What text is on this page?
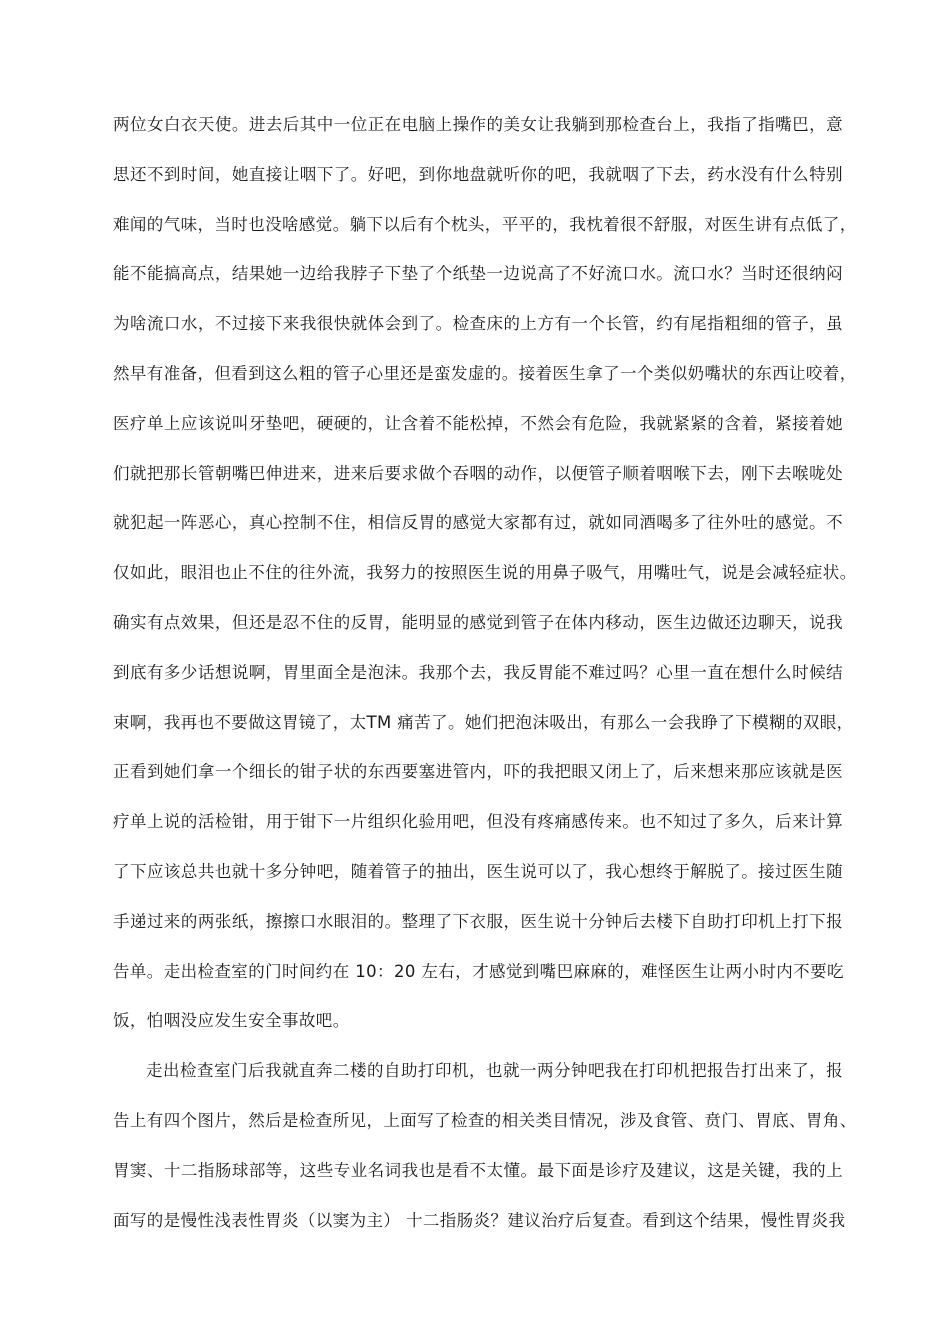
两位女白衣天使。进去后其中一位正在电脑上操作的美女让我躺到那检查台上，我指了指嘴巴，意
思还不到时间，她直接让咽下了。好吧，到你地盘就听你的吧，我就咽了下去，药水没有什么特别
难闻的气味，当时也没啥感觉。躺下以后有个枕头，平平的，我枕着很不舒服，对医生讲有点低了，
能不能搞高点，结果她一边给我脖子下垫了个纸垫一边说高了不好流口水。流口水？当时还很纳闷
为啥流口水，不过接下来我很快就体会到了。检查床的上方有一个长管，约有尾指粗细的管子，虽
然早有准备，但看到这么粗的管子心里还是蛮发虚的。接着医生拿了一个类似奶嘴状的东西让咬着，
医疗单上应该说叫牙垫吧，硬硬的，让含着不能松掉，不然会有危险，我就紧紧的含着，紧接着她
们就把那长管朝嘴巴伸进来，进来后要求做个吞咽的动作，以便管子顺着咽喉下去，刚下去喉咙处
就犯起一阵恶心，真心控制不住，相信反胃的感觉大家都有过，就如同酒喝多了往外吐的感觉。不
仅如此，眼泪也止不住的往外流，我努力的按照医生说的用鼻子吸气，用嘴吐气，说是会减轻症状。
确实有点效果，但还是忍不住的反胃，能明显的感觉到管子在体内移动，医生边做还边聊天，说我
到底有多少话想说啊，胃里面全是泡沫。我那个去，我反胃能不难过吗？心里一直在想什么时候结
束啊，我再也不要做这胃镜了，太TM 痛苦了。她们把泡沫吸出，有那么一会我睁了下模糊的双眼，
正看到她们拿一个细长的钳子状的东西要塞进管内，吓的我把眼又闭上了，后来想来那应该就是医
疗单上说的活检钳，用于钳下一片组织化验用吧，但没有疼痛感传来。也不知过了多久，后来计算
了下应该总共也就十多分钟吧，随着管子的抽出，医生说可以了，我心想终于解脱了。接过医生随
手递过来的两张纸，擦擦口水眼泪的。整理了下衣服，医生说十分钟后去楼下自助打印机上打下报
告单。走出检查室的门时间约在 10：20 左右，才感觉到嘴巴麻麻的，难怪医生让两小时内不要吃
饭，怕咽没应发生安全事故吧。
走出检查室门后我就直奔二楼的自助打印机，也就一两分钟吧我在打印机把报告打出来了，报
告上有四个图片，然后是检查所见，上面写了检查的相关类目情况，涉及食管、贲门、胃底、胃角、
胃窦、十二指肠球部等，这些专业名词我也是看不太懂。最下面是诊疗及建议，这是关键，我的上
面写的是慢性浅表性胃炎（以窦为主） 十二指肠炎？建议治疗后复查。看到这个结果，慢性胃炎我
